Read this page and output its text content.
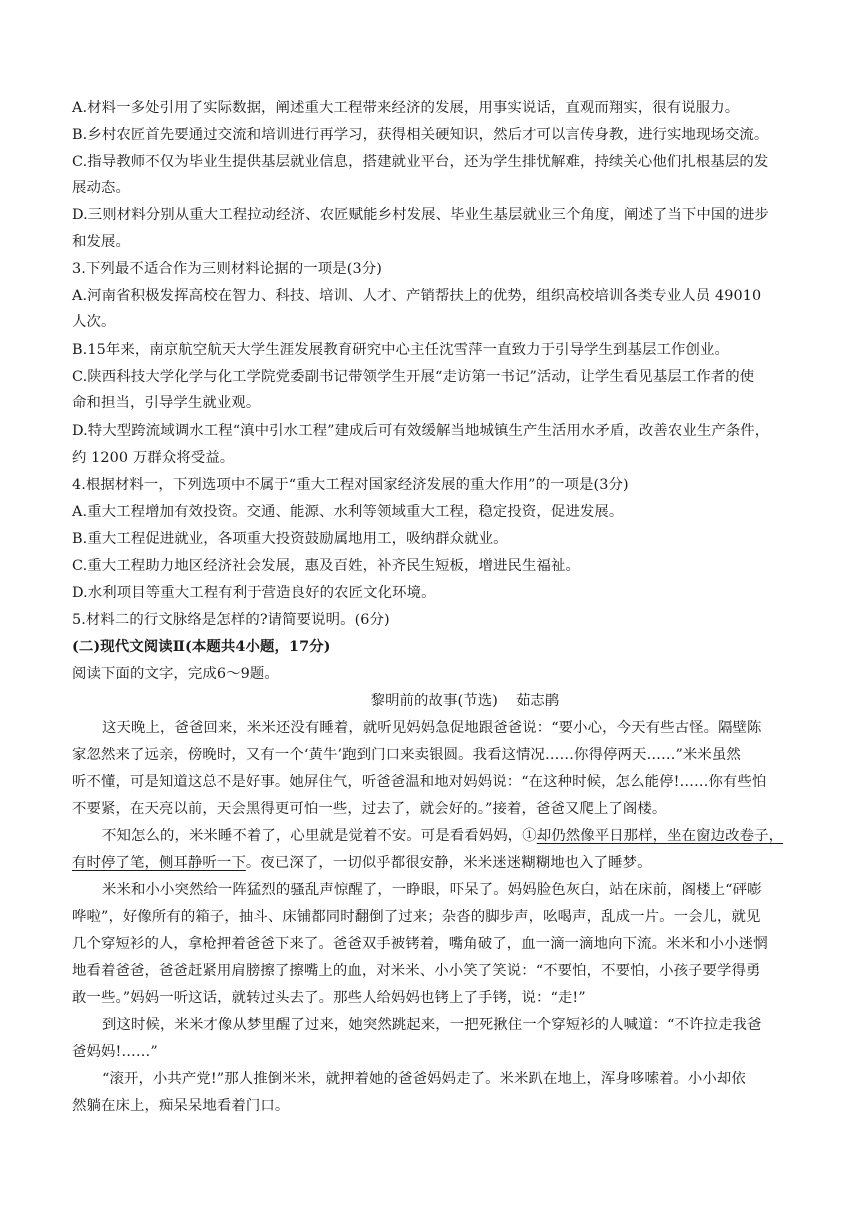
A.材料一多处引用了实际数据，阐述重大工程带来经济的发展，用事实说话，直观而翔实，很有说服力。
B.乡村农匠首先要通过交流和培训进行再学习，获得相关硬知识，然后才可以言传身教，进行实地现场交流。
C.指导教师不仅为毕业生提供基层就业信息，搭建就业平台，还为学生排忧解难，持续关心他们扎根基层的发
展动态。
D.三则材料分别从重大工程拉动经济、农匠赋能乡村发展、毕业生基层就业三个角度，阐述了当下中国的进步
和发展。
3.下列最不适合作为三则材料论据的一项是(3分)
A.河南省积极发挥高校在智力、科技、培训、人才、产销帮扶上的优势，组织高校培训各类专业人员 49010
人次。
B.15年来，南京航空航天大学生涯发展教育研究中心主任沈雪萍一直致力于引导学生到基层工作创业。
C.陕西科技大学化学与化工学院党委副书记带领学生开展“走访第一书记”活动，让学生看见基层工作者的使
命和担当，引导学生就业观。
D.特大型跨流域调水工程“滇中引水工程”建成后可有效缓解当地城镇生产生活用水矛盾，改善农业生产条件，
约 1200 万群众将受益。
4.根据材料一，下列选项中不属于“重大工程对国家经济发展的重大作用”的一项是(3分)
A.重大工程增加有效投资。交通、能源、水利等领域重大工程，稳定投资，促进发展。
B.重大工程促进就业，各项重大投资鼓励属地用工，吸纳群众就业。
C.重大工程助力地区经济社会发展，惠及百姓，补齐民生短板，增进民生福祉。
D.水利项目等重大工程有利于营造良好的农匠文化环境。
5.材料二的行文脉络是怎样的?请简要说明。(6分)
(二)现代文阅读Ⅱ(本题共4小题，17分)
阅读下面的文字，完成6～9题。
黎明前的故事(节选) 茹志鹃
这天晚上，爸爸回来，米米还没有睡着，就听见妈妈急促地跟爸爸说：“要小心，今天有些古怪。隔壁陈
家忽然来了远亲，傍晚时，又有一个‘黄牛’跑到门口来卖银圆。我看这情况……你得停两天……”米米虽然
听不懂，可是知道这总不是好事。她屏住气，听爸爸温和地对妈妈说：“在这种时候，怎么能停!……你有些怕
不要紧，在天亮以前，天会黑得更可怕一些，过去了，就会好的。”接着，爸爸又爬上了阁楼。
不知怎么的，米米睡不着了，心里就是觉着不安。可是看看妈妈，①却仍然像平日那样，坐在窗边改卷子，
有时停了笔，侧耳静听一下。夜已深了，一切似乎都很安静，米米迷迷糊糊地也入了睡梦。
米米和小小突然给一阵猛烈的骚乱声惊醒了，一睁眼，吓呆了。妈妈脸色灰白，站在床前，阁楼上“砰嘭
哗啦”，好像所有的箱子，抽斗、床铺都同时翻倒了过来；杂沓的脚步声，吆喝声，乱成一片。一会儿，就见
几个穿短衫的人，拿枪押着爸爸下来了。爸爸双手被铐着，嘴角破了，血一滴一滴地向下流。米米和小小迷惘
地看着爸爸，爸爸赶紧用肩膀擦了擦嘴上的血，对米米、小小笑了笑说：“不要怕，不要怕，小孩子要学得勇
敢一些。”妈妈一听这话，就转过头去了。那些人给妈妈也铐上了手铐，说：“走!”
到这时候，米米才像从梦里醒了过来，她突然跳起来，一把死揪住一个穿短衫的人喊道：“不许拉走我爸
爸妈妈!……”
“滚开，小共产党!”那人推倒米米，就押着她的爸爸妈妈走了。米米趴在地上，浑身哆嗦着。小小却依
然躺在床上，痴呆呆地看着门口。
